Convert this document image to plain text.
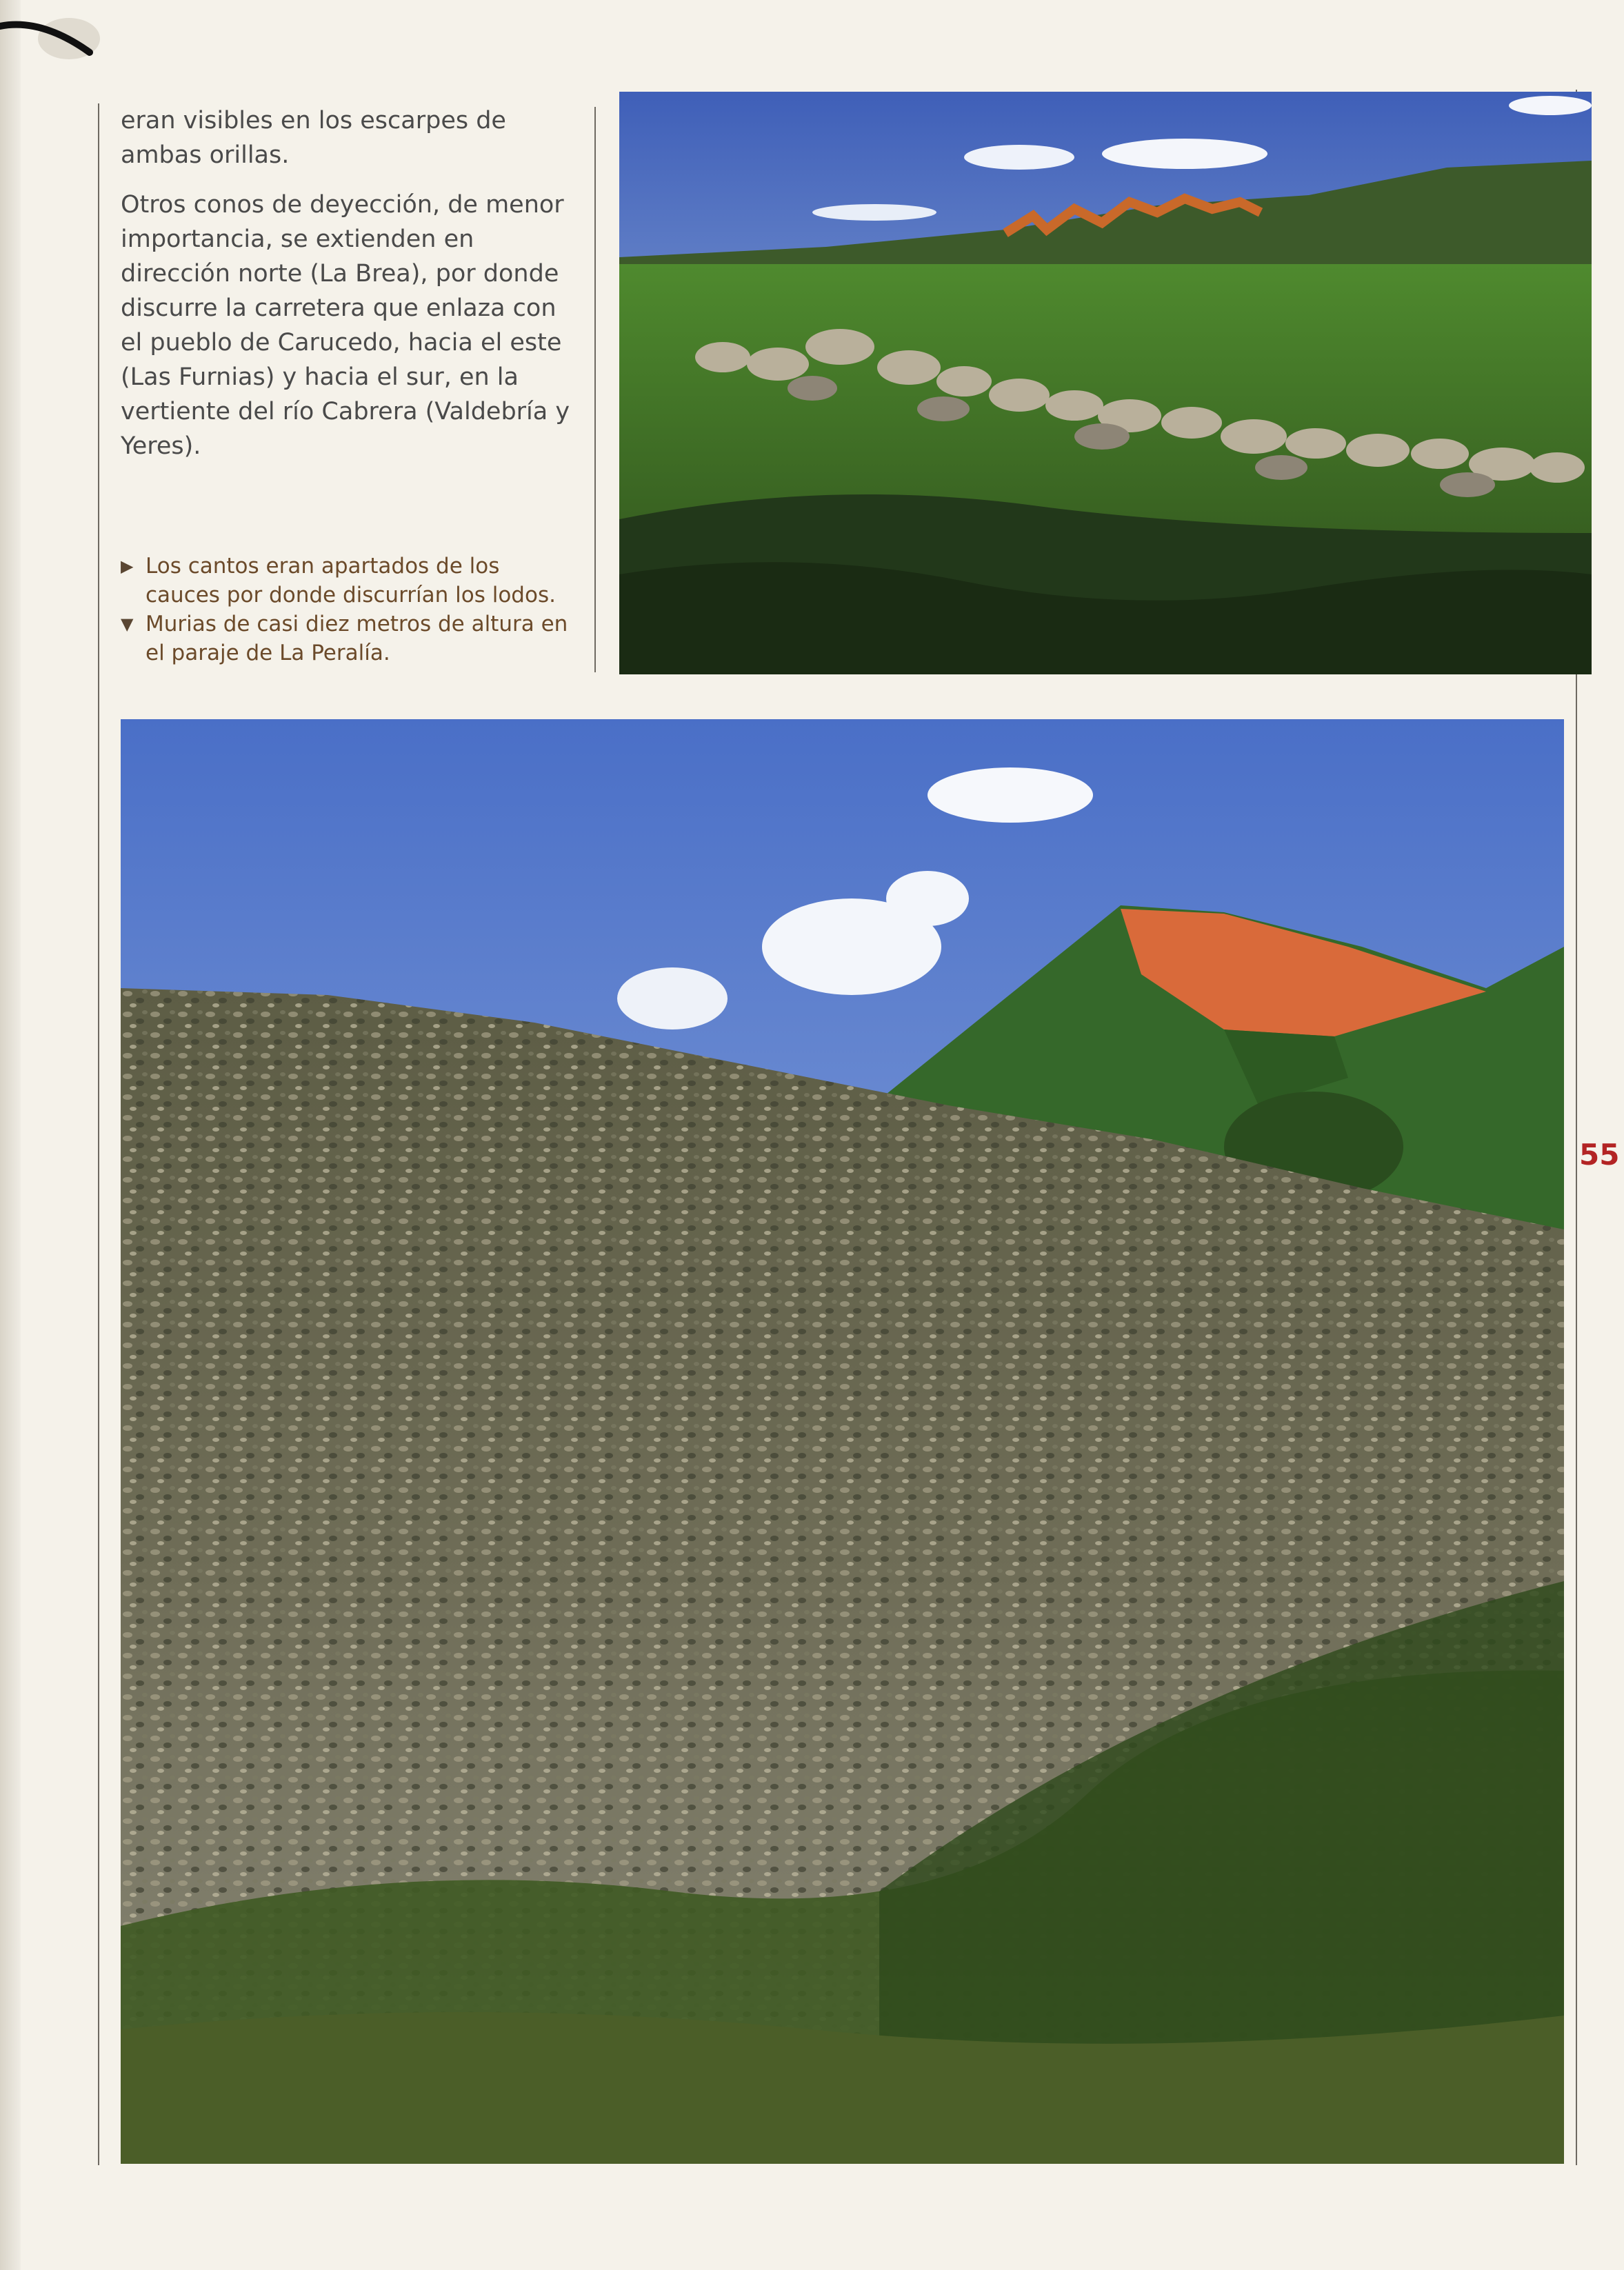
eran visibles en los escarpes de ambas orillas.

Otros conos de deyección, de menor importancia, se extienden en dirección norte (La Brea), por donde discurre la carretera que enlaza con el pueblo de Carucedo, hacia el este (Las Furnias) y hacia el sur, en la vertiente del río Cabrera (Valdebría y Yeres).

▶ Los cantos eran apartados de los cauces por donde discurrían los lodos.
▼ Murias de casi diez metros de altura en el paraje de La Peralía.
55
